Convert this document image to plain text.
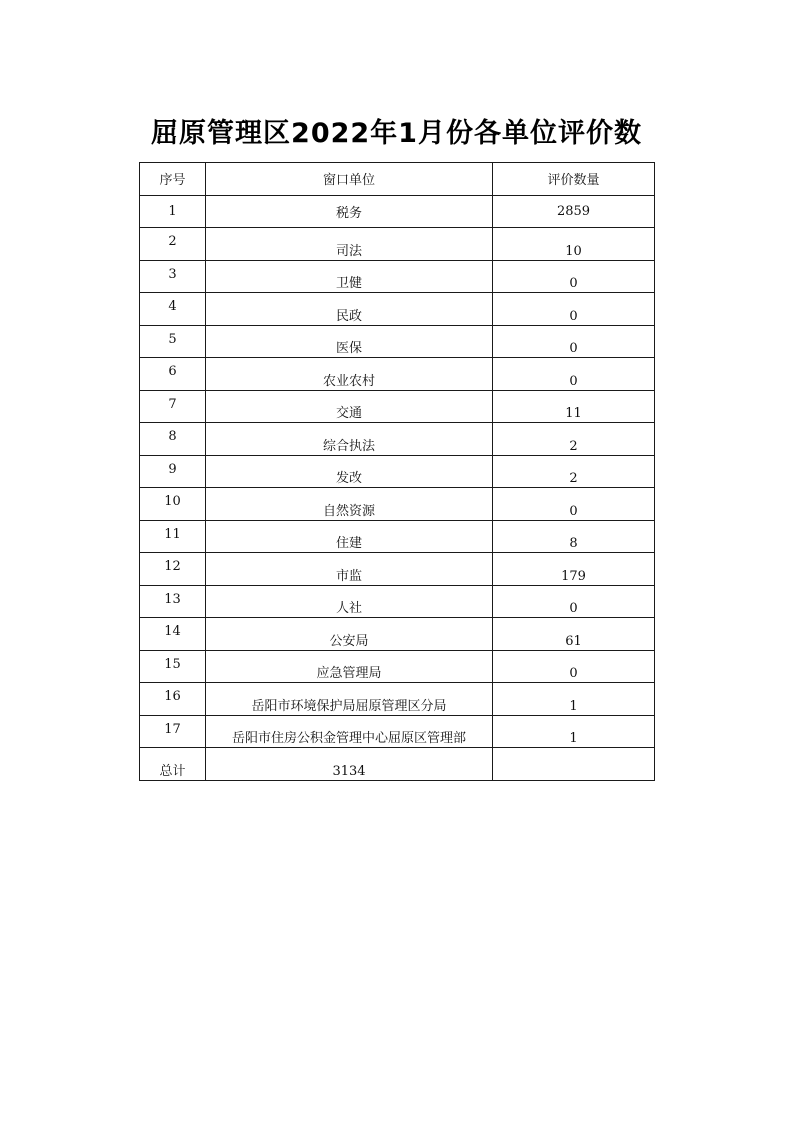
屈原管理区2022年1月份各单位评价数
序号	窗口单位	评价数量
1	税务	2859
2	司法	10
3	卫健	0
4	民政	0
5	医保	0
6	农业农村	0
7	交通	11
8	综合执法	2
9	发改	2
10	自然资源	0
11	住建	8
12	市监	179
13	人社	0
14	公安局	61
15	应急管理局	0
16	岳阳市环境保护局屈原管理区分局	1
17	岳阳市住房公积金管理中心屈原区管理部	1
总计	3134	
